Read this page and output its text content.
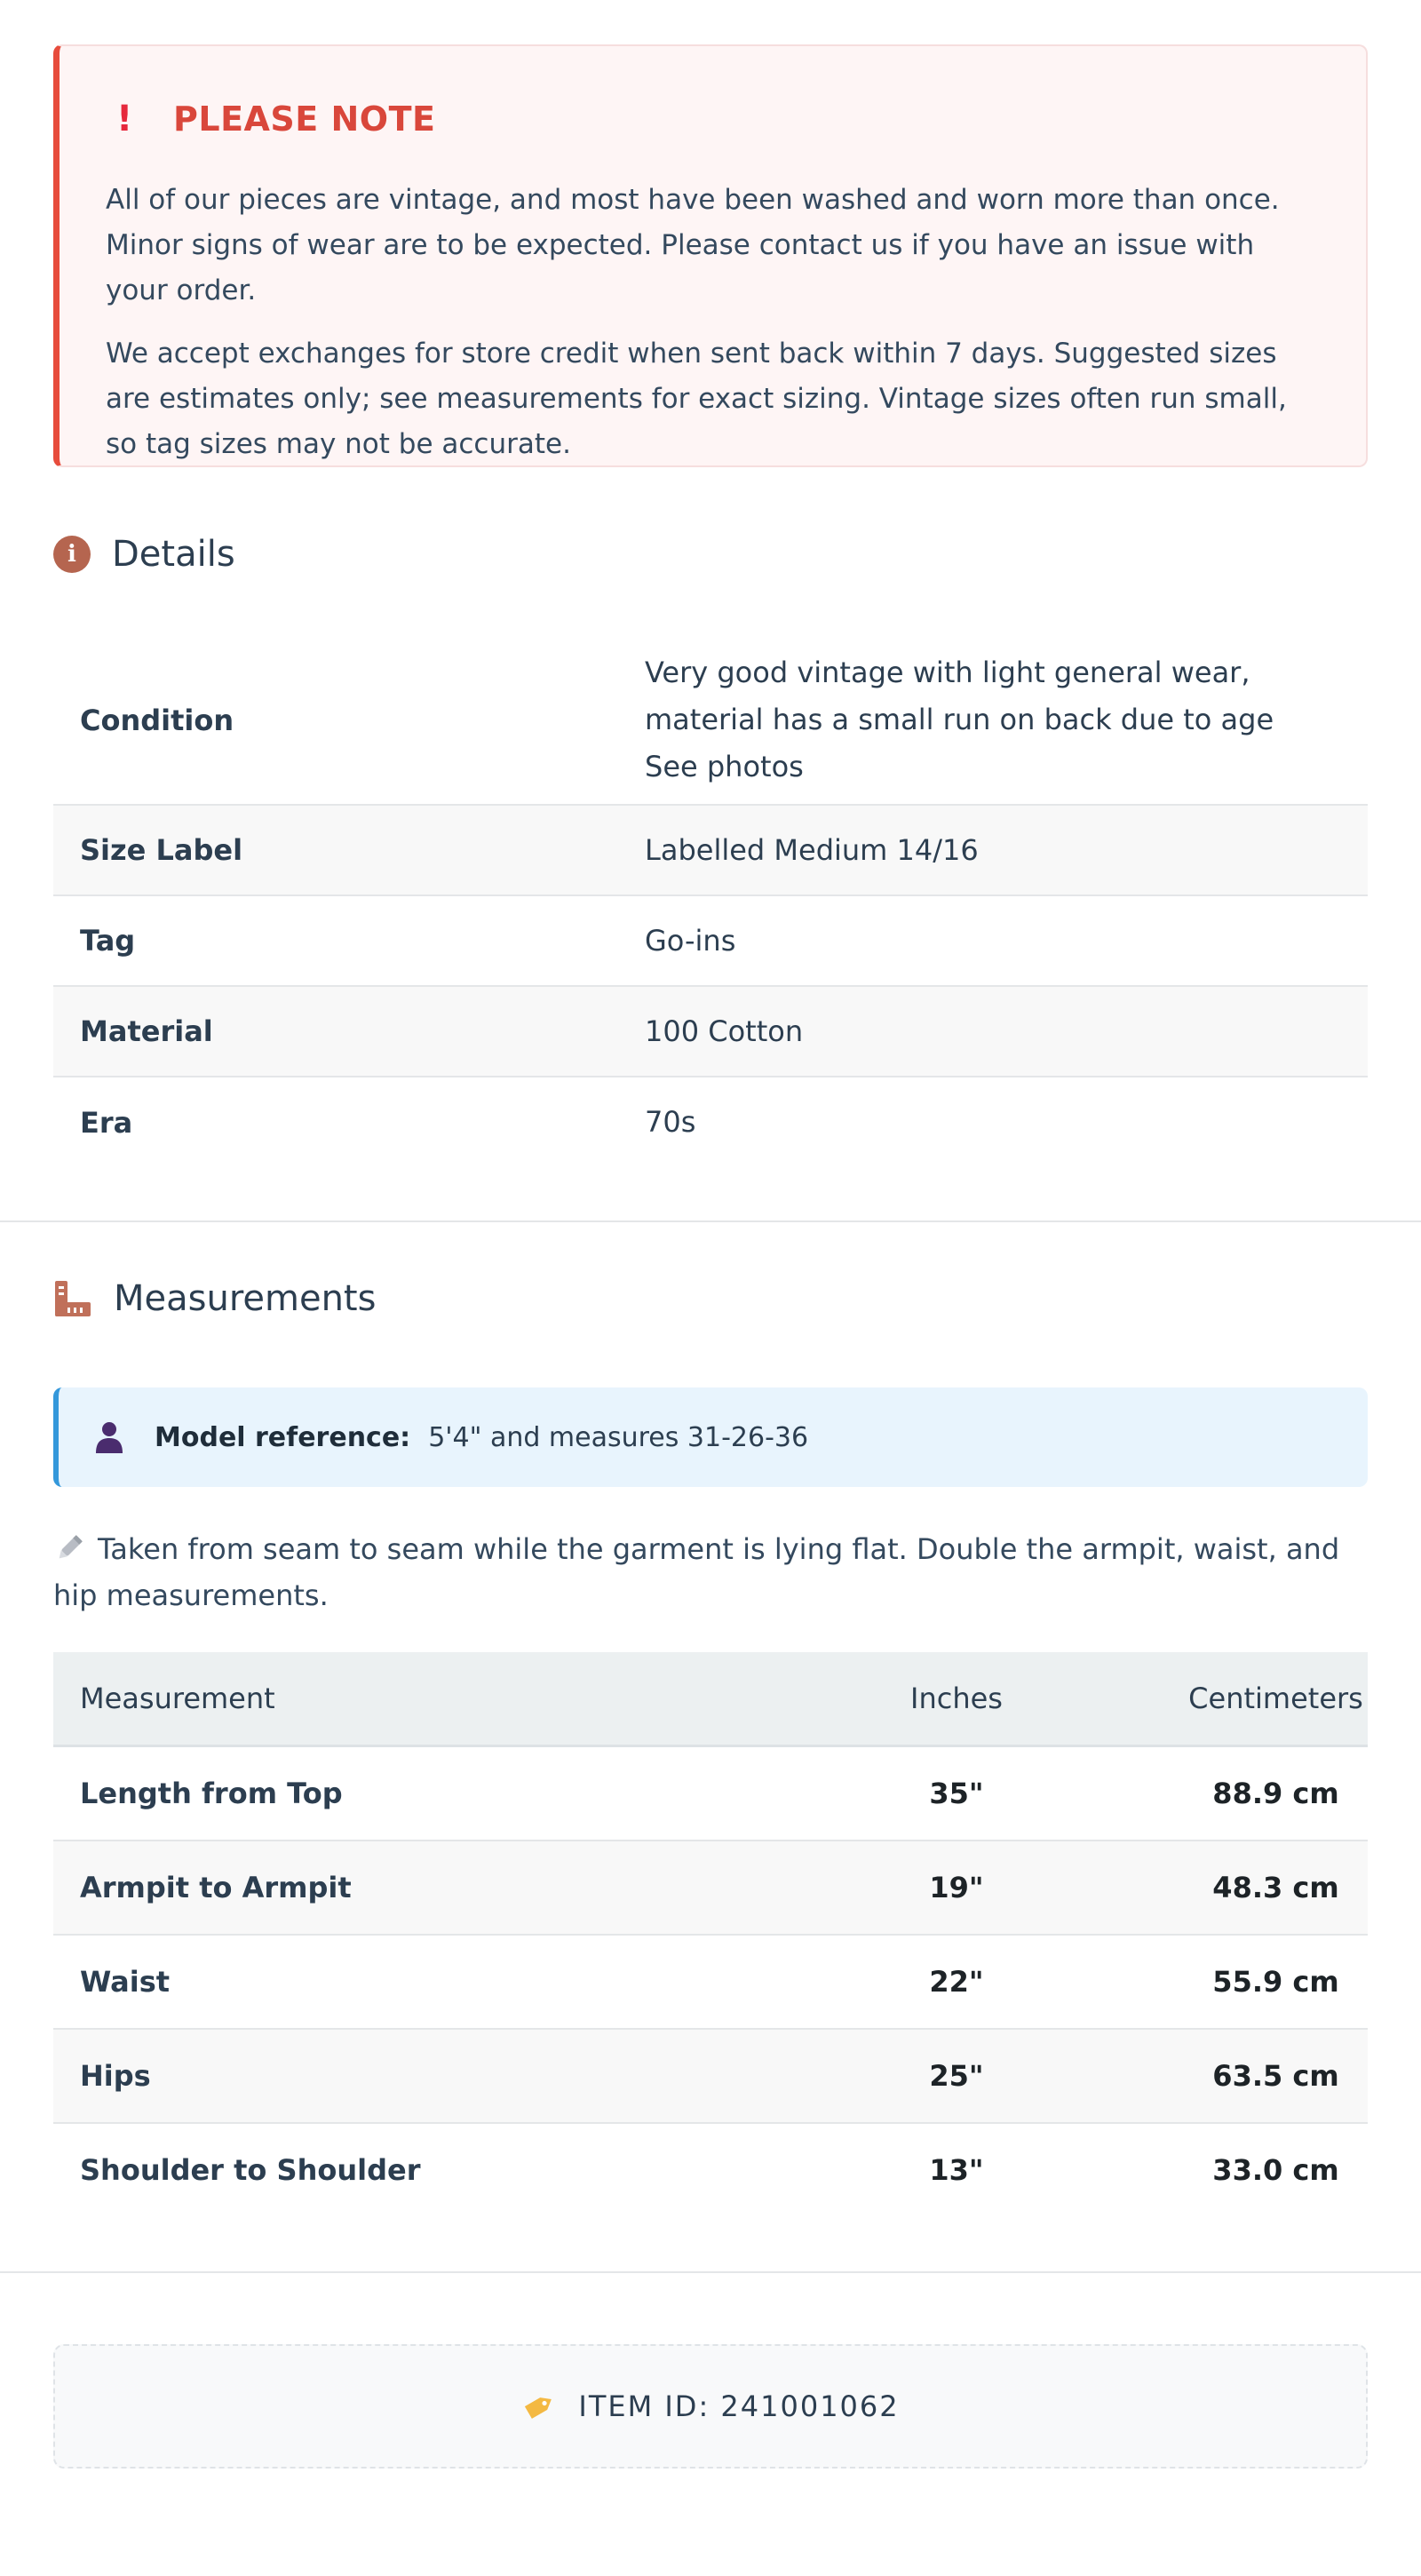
!	PLEASE NOTE

All of our pieces are vintage, and most have been washed and worn more than once. Minor signs of wear are to be expected. Please contact us if you have an issue with your order.

We accept exchanges for store credit when sent back within 7 days. Suggested sizes are estimates only; see measurements for exact sizing. Vintage sizes often run small, so tag sizes may not be accurate.

i	Details
Condition	Very good vintage with light general wear, material has a small run on back due to age See photos
Size Label	Labelled Medium 14/16
Tag	Go-ins
Material	100 Cotton
Era	70s
Measurements
Model reference: 5'4" and measures 31-26-36
Taken from seam to seam while the garment is lying flat. Double the armpit, waist, and hip measurements.
Measurement	Inches	Centimeters
Length from Top	35"	88.9 cm
Armpit to Armpit	19"	48.3 cm
Waist	22"	55.9 cm
Hips	25"	63.5 cm
Shoulder to Shoulder	13"	33.0 cm
ITEM ID: 241001062
